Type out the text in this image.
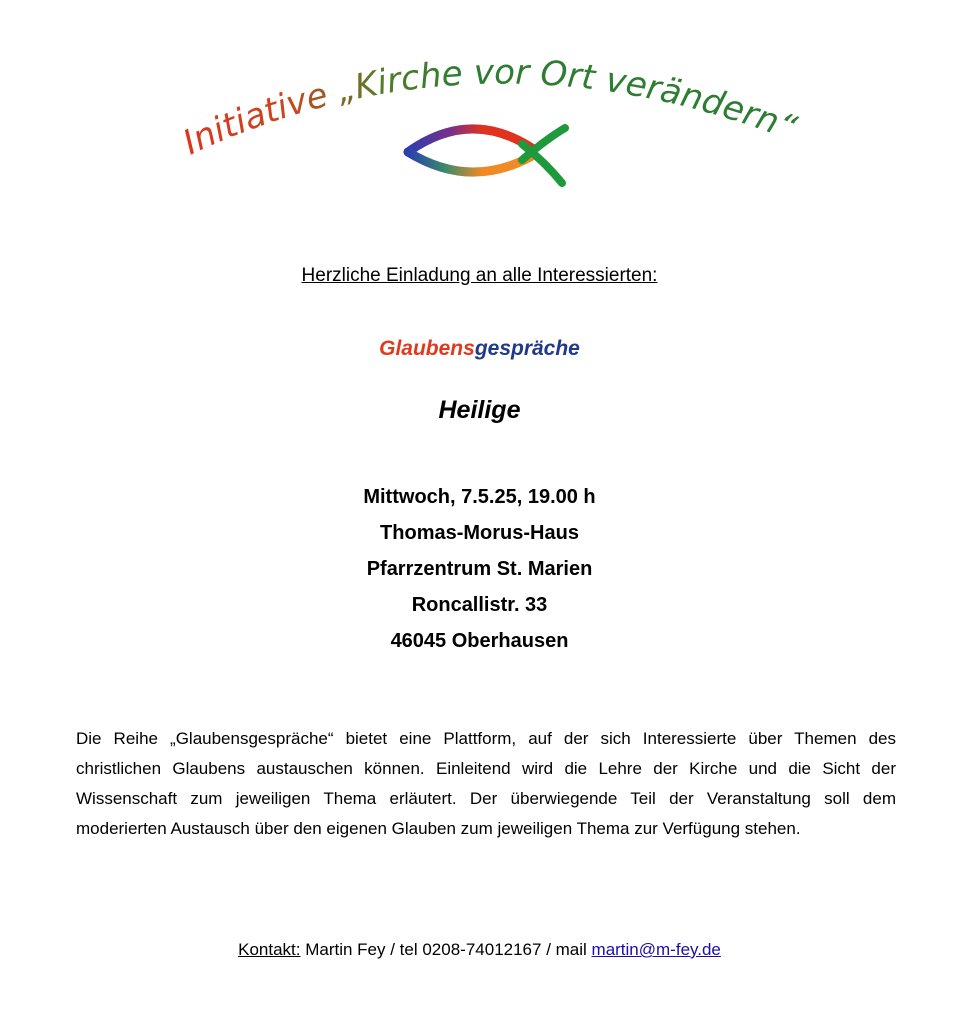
Initiative „Kirche vor Ort verändern“
Herzliche Einladung an alle Interessierten:
Glaubensgespräche
Heilige
Mittwoch, 7.5.25, 19.00 h
Thomas-Morus-Haus
Pfarrzentrum St. Marien
Roncallistr. 33
46045 Oberhausen
Die Reihe „Glaubensgespräche“ bietet eine Plattform, auf der sich Interessierte über Themen des christlichen Glaubens austauschen können. Einleitend wird die Lehre der Kirche und die Sicht der Wissenschaft zum jeweiligen Thema erläutert. Der überwiegende Teil der Veranstaltung soll dem moderierten Austausch über den eigenen Glauben zum jeweiligen Thema zur Verfügung stehen.
Kontakt: Martin Fey / tel 0208-74012167 / mail martin@m-fey.de
